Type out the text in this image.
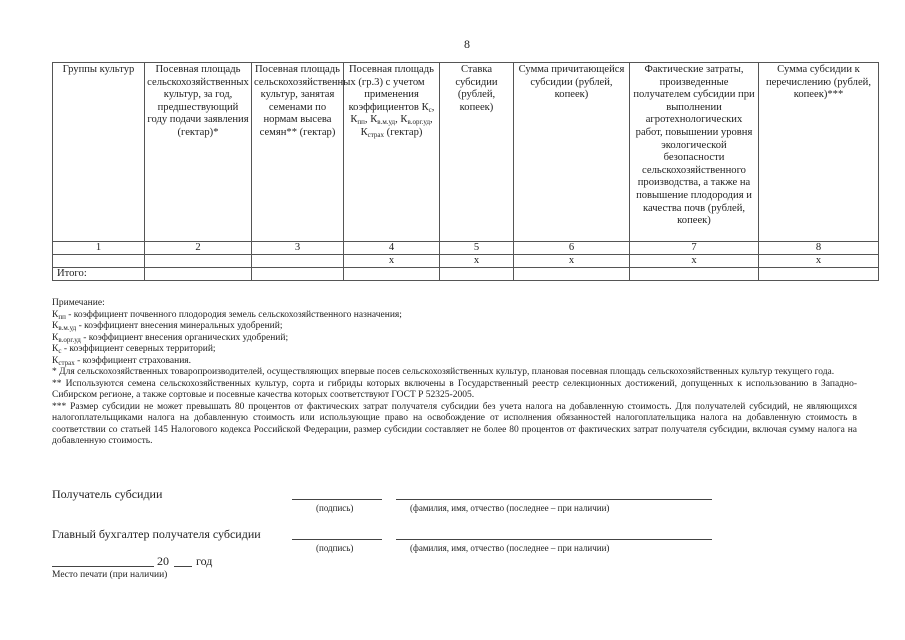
8
Группы культур	Посевная площадь сельскохозяйственных культур, за год, предшествующий году подачи заявления (гектар)*	Посевная площадь сельскохозяйственных культур, занятая семенами по нормам высева семян** (гектар)	Посевная площадь (гр.3) с учетом применения коэффициентов $К_с$, $К_{пп}$, $К_{в.м.уд}$, $К_{в.орг.уд}$, $К_{страх}$ (гектар)	Ставка субсидии (рублей, копеек)	Сумма причитающейся субсидии (рублей, копеек)	Фактические затраты, произведенные получателем субсидии при выполнении агротехнологических работ, повышении уровня экологической безопасности сельскохозяйственного производства, а также на повышение плодородия и качества почв (рублей, копеек)	Сумма субсидии к перечислению (рублей, копеек)***
1	2	3	4	5	6	7	8
			х	х	х	х	х
Итого:							

Примечание:

$К_{пп}$ - коэффициент почвенного плодородия земель сельскохозяйственного назначения;

$К_{в.м.уд}$ - коэффициент внесения минеральных удобрений;

$К_{в.орг.уд}$ - коэффициент внесения органических удобрений;

$К_с$ - коэффициент северных территорий;

$К_{страх}$ - коэффициент страхования.

* Для сельскохозяйственных товаропроизводителей, осуществляющих впервые посев сельскохозяйственных культур, плановая посевная площадь сельскохозяйственных культур текущего года.

** Используются семена сельскохозяйственных культур, сорта и гибриды которых включены в Государственный реестр селекционных достижений, допущенных к использованию в Западно-Сибирском регионе, а также сортовые и посевные качества которых соответствуют ГОСТ Р 52325-2005.

*** Размер субсидии не может превышать 80 процентов от фактических затрат получателя субсидии без учета налога на добавленную стоимость. Для получателей субсидий, не являющихся налогоплательщиками налога на добавленную стоимость или использующие право на освобождение от исполнения обязанностей налогоплательщика налога на добавленную стоимость в соответствии со статьей 145 Налогового кодекса Российской Федерации, размер субсидии составляет не более 80 процентов от фактических затрат получателя субсидии, включая сумму налога на добавленную стоимость.

Получатель субсидии
(подпись)	(фамилия, имя, отчество (последнее – при наличии)
Главный бухгалтер получателя субсидии
(подпись)	(фамилия, имя, отчество (последнее – при наличии)
20 год
Место печати (при наличии)
